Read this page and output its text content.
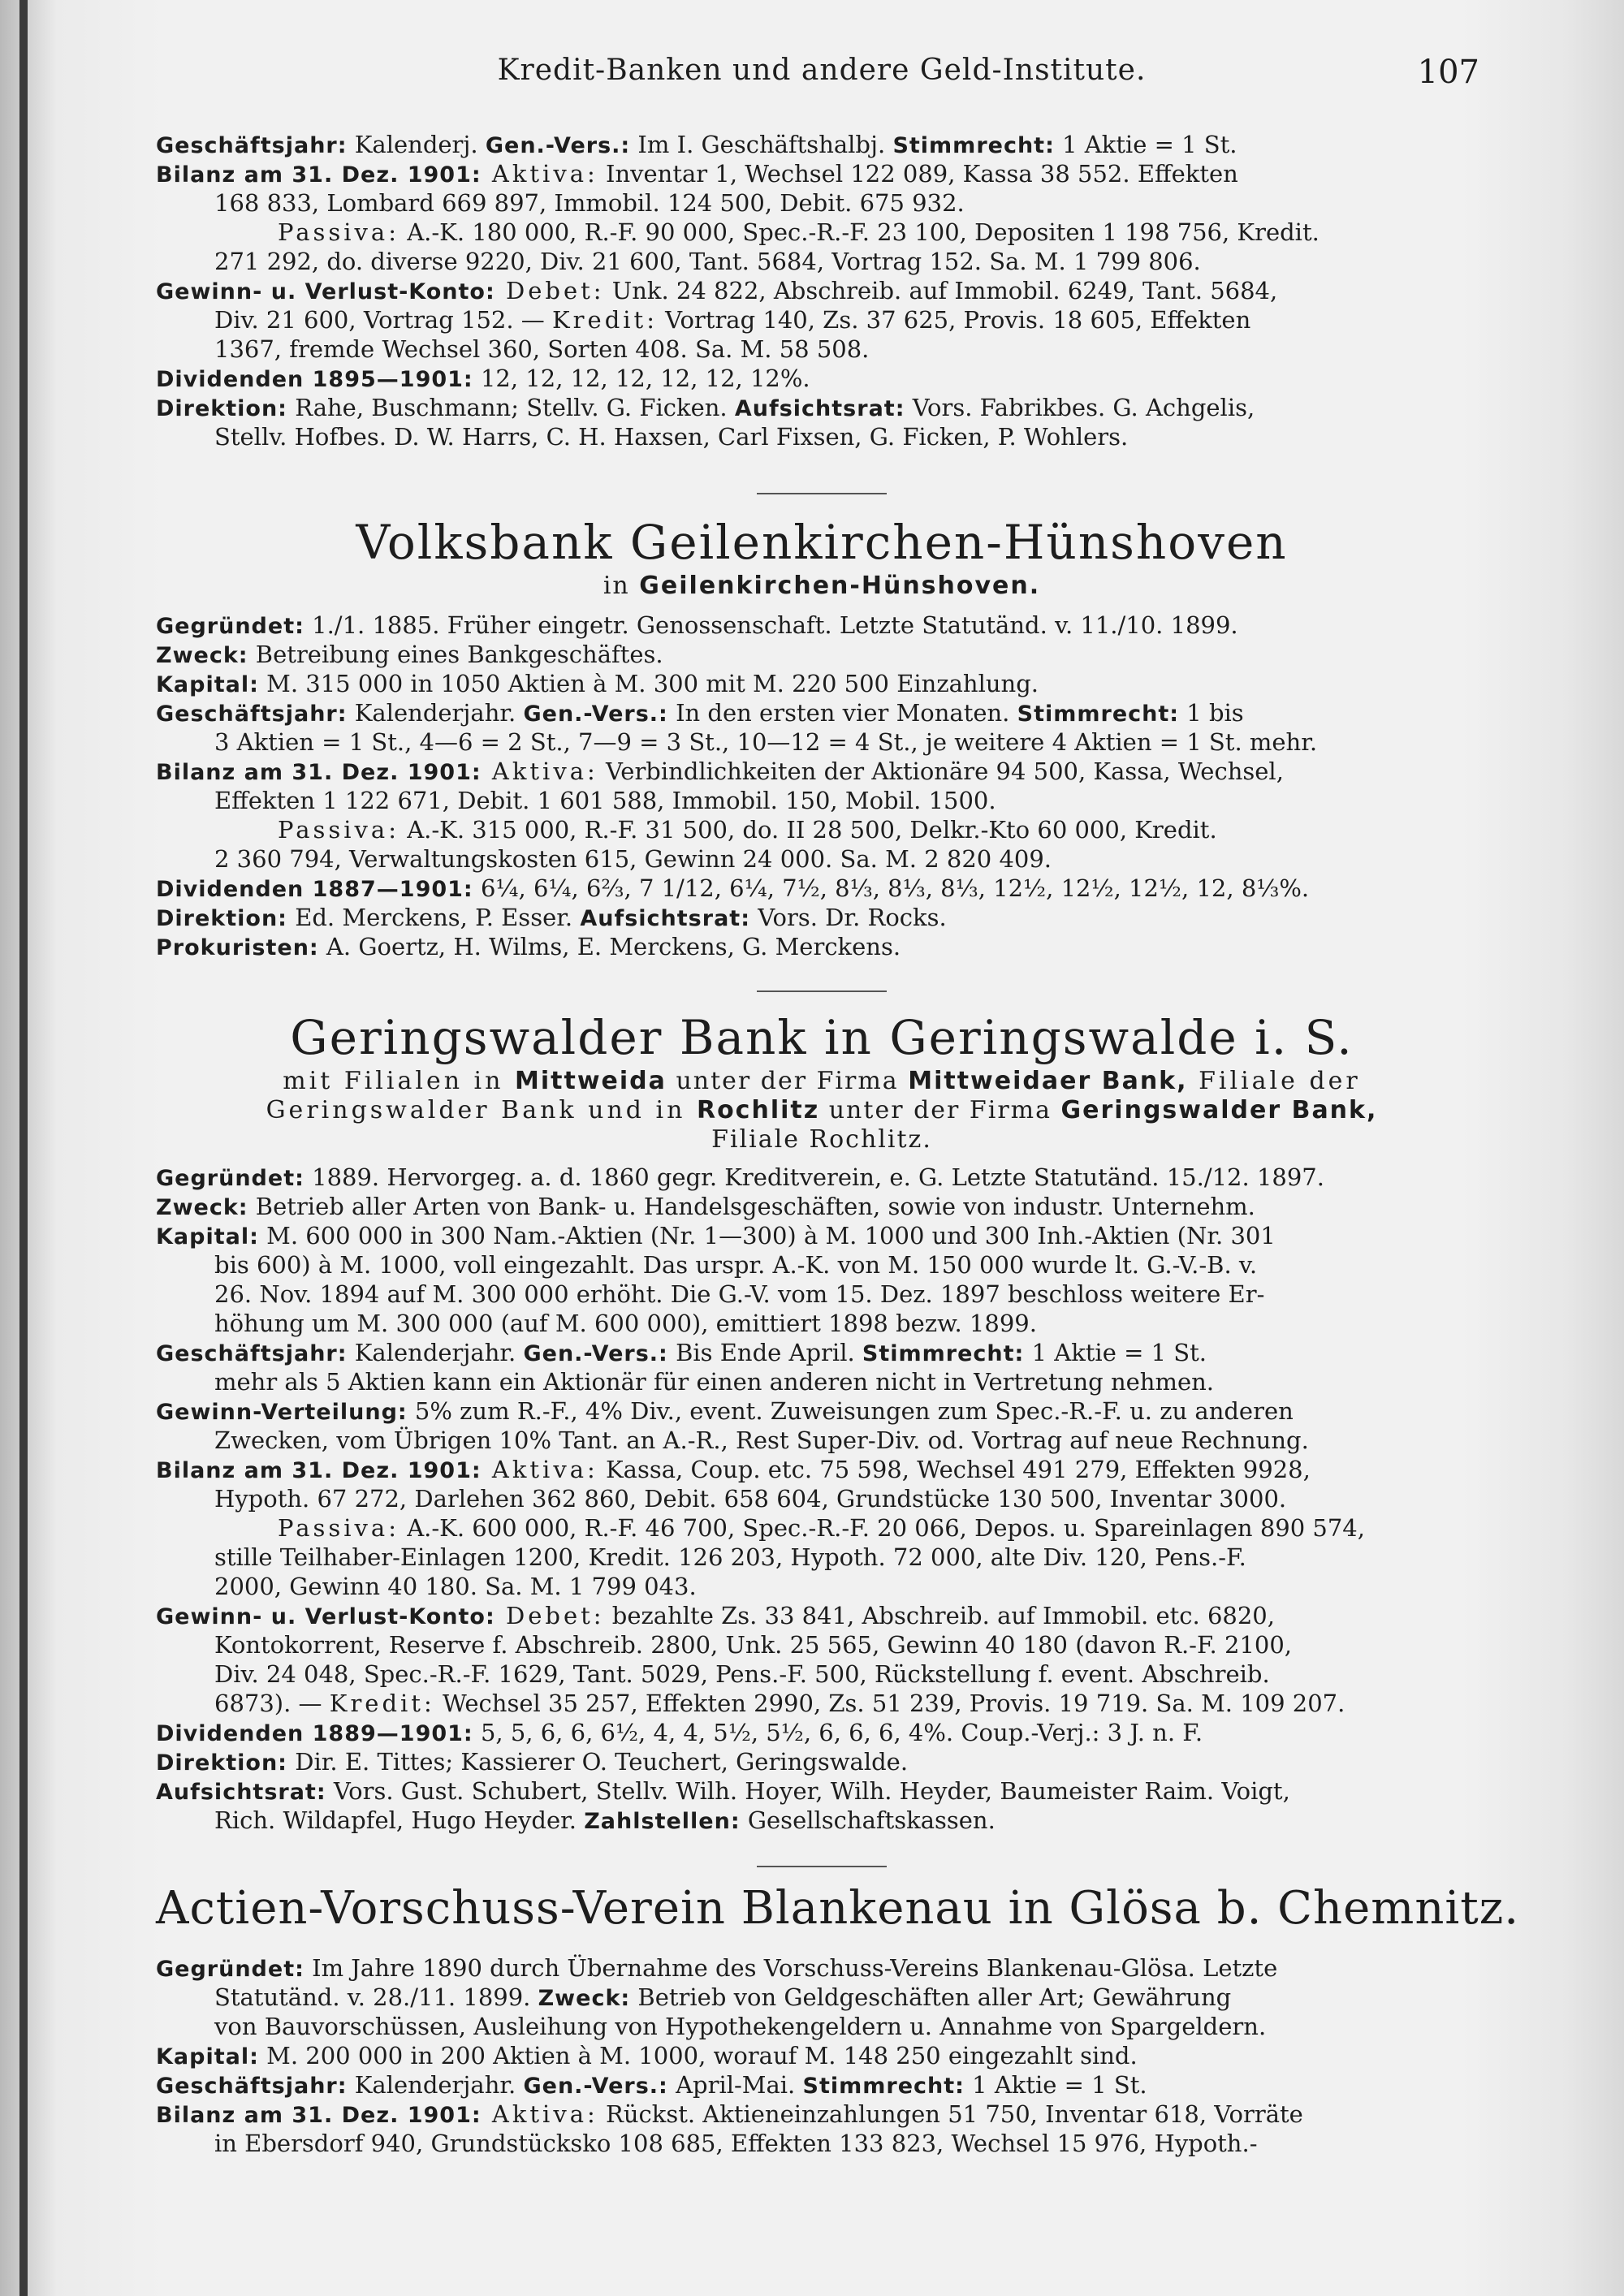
Kredit-Banken und andere Geld-Institute.	107
Geschäftsjahr: Kalenderj. Gen.-Vers.: Im I. Geschäftshalbj. Stimmrecht: 1 Aktie = 1 St.
Bilanz am 31. Dez. 1901: Aktiva: Inventar 1, Wechsel 122 089, Kassa 38 552. Effekten
168 833, Lombard 669 897, Immobil. 124 500, Debit. 675 932.
Passiva: A.-K. 180 000, R.-F. 90 000, Spec.-R.-F. 23 100, Depositen 1 198 756, Kredit.
271 292, do. diverse 9220, Div. 21 600, Tant. 5684, Vortrag 152. Sa. M. 1 799 806.
Gewinn- u. Verlust-Konto: Debet: Unk. 24 822, Abschreib. auf Immobil. 6249, Tant. 5684,
Div. 21 600, Vortrag 152. — Kredit: Vortrag 140, Zs. 37 625, Provis. 18 605, Effekten
1367, fremde Wechsel 360, Sorten 408. Sa. M. 58 508.
Dividenden 1895—1901: 12, 12, 12, 12, 12, 12, 12%.
Direktion: Rahe, Buschmann; Stellv. G. Ficken. Aufsichtsrat: Vors. Fabrikbes. G. Achgelis,
Stellv. Hofbes. D. W. Harrs, C. H. Haxsen, Carl Fixsen, G. Ficken, P. Wohlers.
Volksbank Geilenkirchen-Hünshoven
in Geilenkirchen-Hünshoven.
Gegründet: 1./1. 1885. Früher eingetr. Genossenschaft. Letzte Statutänd. v. 11./10. 1899.
Zweck: Betreibung eines Bankgeschäftes.
Kapital: M. 315 000 in 1050 Aktien à M. 300 mit M. 220 500 Einzahlung.
Geschäftsjahr: Kalenderjahr. Gen.-Vers.: In den ersten vier Monaten. Stimmrecht: 1 bis
3 Aktien = 1 St., 4—6 = 2 St., 7—9 = 3 St., 10—12 = 4 St., je weitere 4 Aktien = 1 St. mehr.
Bilanz am 31. Dez. 1901: Aktiva: Verbindlichkeiten der Aktionäre 94 500, Kassa, Wechsel,
Effekten 1 122 671, Debit. 1 601 588, Immobil. 150, Mobil. 1500.
Passiva: A.-K. 315 000, R.-F. 31 500, do. II 28 500, Delkr.-Kto 60 000, Kredit.
2 360 794, Verwaltungskosten 615, Gewinn 24 000. Sa. M. 2 820 409.
Dividenden 1887—1901: 6¼, 6¼, 6⅔, 7 1/12, 6¼, 7½, 8⅓, 8⅓, 8⅓, 12½, 12½, 12½, 12, 8⅓%.
Direktion: Ed. Merckens, P. Esser. Aufsichtsrat: Vors. Dr. Rocks.
Prokuristen: A. Goertz, H. Wilms, E. Merckens, G. Merckens.
Geringswalder Bank in Geringswalde i. S.
mit Filialen in Mittweida unter der Firma Mittweidaer Bank, Filiale der
Geringswalder Bank und in Rochlitz unter der Firma Geringswalder Bank,
Filiale Rochlitz.
Gegründet: 1889. Hervorgeg. a. d. 1860 gegr. Kreditverein, e. G. Letzte Statutänd. 15./12. 1897.
Zweck: Betrieb aller Arten von Bank- u. Handelsgeschäften, sowie von industr. Unternehm.
Kapital: M. 600 000 in 300 Nam.-Aktien (Nr. 1—300) à M. 1000 und 300 Inh.-Aktien (Nr. 301
bis 600) à M. 1000, voll eingezahlt. Das urspr. A.-K. von M. 150 000 wurde lt. G.-V.-B. v.
26. Nov. 1894 auf M. 300 000 erhöht. Die G.-V. vom 15. Dez. 1897 beschloss weitere Er-
höhung um M. 300 000 (auf M. 600 000), emittiert 1898 bezw. 1899.
Geschäftsjahr: Kalenderjahr. Gen.-Vers.: Bis Ende April. Stimmrecht: 1 Aktie = 1 St.
mehr als 5 Aktien kann ein Aktionär für einen anderen nicht in Vertretung nehmen.
Gewinn-Verteilung: 5% zum R.-F., 4% Div., event. Zuweisungen zum Spec.-R.-F. u. zu anderen
Zwecken, vom Übrigen 10% Tant. an A.-R., Rest Super-Div. od. Vortrag auf neue Rechnung.
Bilanz am 31. Dez. 1901: Aktiva: Kassa, Coup. etc. 75 598, Wechsel 491 279, Effekten 9928,
Hypoth. 67 272, Darlehen 362 860, Debit. 658 604, Grundstücke 130 500, Inventar 3000.
Passiva: A.-K. 600 000, R.-F. 46 700, Spec.-R.-F. 20 066, Depos. u. Spareinlagen 890 574,
stille Teilhaber-Einlagen 1200, Kredit. 126 203, Hypoth. 72 000, alte Div. 120, Pens.-F.
2000, Gewinn 40 180. Sa. M. 1 799 043.
Gewinn- u. Verlust-Konto: Debet: bezahlte Zs. 33 841, Abschreib. auf Immobil. etc. 6820,
Kontokorrent, Reserve f. Abschreib. 2800, Unk. 25 565, Gewinn 40 180 (davon R.-F. 2100,
Div. 24 048, Spec.-R.-F. 1629, Tant. 5029, Pens.-F. 500, Rückstellung f. event. Abschreib.
6873). — Kredit: Wechsel 35 257, Effekten 2990, Zs. 51 239, Provis. 19 719. Sa. M. 109 207.
Dividenden 1889—1901: 5, 5, 6, 6, 6½, 4, 4, 5½, 5½, 6, 6, 6, 4%. Coup.-Verj.: 3 J. n. F.
Direktion: Dir. E. Tittes; Kassierer O. Teuchert, Geringswalde.
Aufsichtsrat: Vors. Gust. Schubert, Stellv. Wilh. Hoyer, Wilh. Heyder, Baumeister Raim. Voigt,
Rich. Wildapfel, Hugo Heyder. Zahlstellen: Gesellschaftskassen.
Actien-Vorschuss-Verein Blankenau in Glösa b. Chemnitz.
Gegründet: Im Jahre 1890 durch Übernahme des Vorschuss-Vereins Blankenau-Glösa. Letzte
Statutänd. v. 28./11. 1899. Zweck: Betrieb von Geldgeschäften aller Art; Gewährung
von Bauvorschüssen, Ausleihung von Hypothekengeldern u. Annahme von Spargeldern.
Kapital: M. 200 000 in 200 Aktien à M. 1000, worauf M. 148 250 eingezahlt sind.
Geschäftsjahr: Kalenderjahr. Gen.-Vers.: April-Mai. Stimmrecht: 1 Aktie = 1 St.
Bilanz am 31. Dez. 1901: Aktiva: Rückst. Aktieneinzahlungen 51 750, Inventar 618, Vorräte
in Ebersdorf 940, Grundstücksko 108 685, Effekten 133 823, Wechsel 15 976, Hypoth.-
